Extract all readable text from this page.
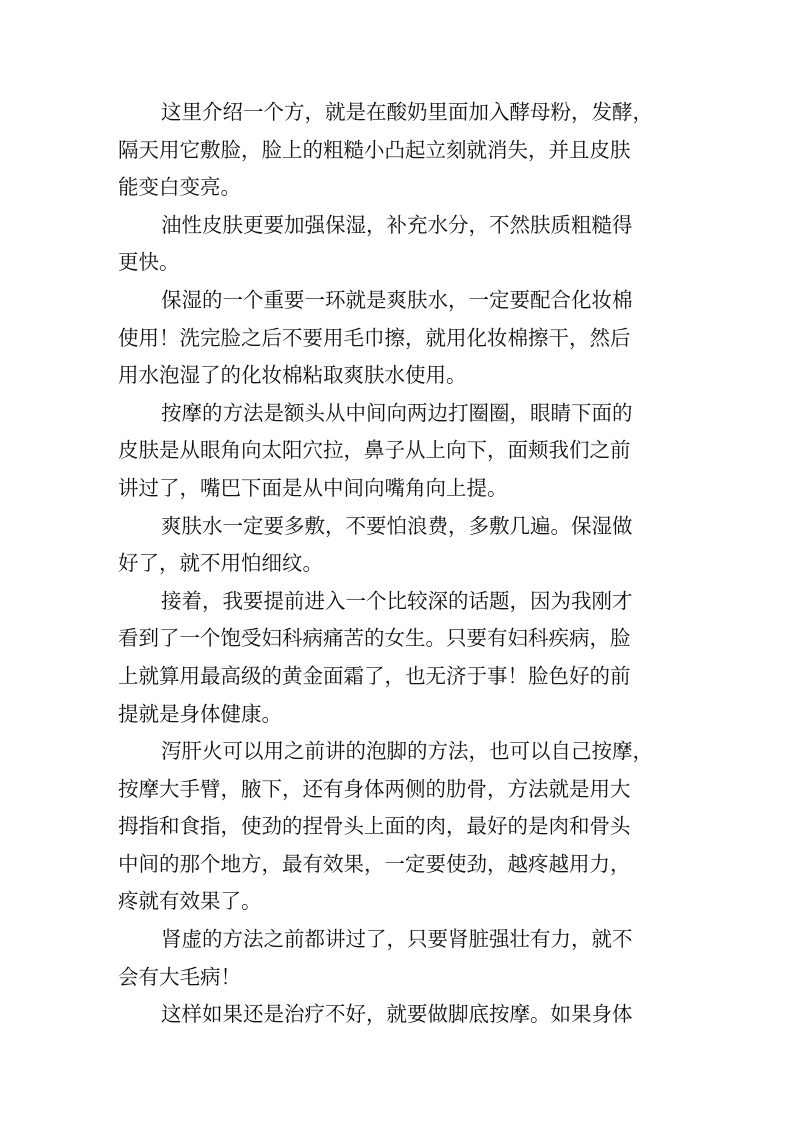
这里介绍一个方，就是在酸奶里面加入酵母粉，发酵，
隔天用它敷脸，脸上的粗糙小凸起立刻就消失，并且皮肤
能变白变亮。
油性皮肤更要加强保湿，补充水分，不然肤质粗糙得
更快。
保湿的一个重要一环就是爽肤水，一定要配合化妆棉
使用！洗完脸之后不要用毛巾擦，就用化妆棉擦干，然后
用水泡湿了的化妆棉粘取爽肤水使用。
按摩的方法是额头从中间向两边打圈圈，眼睛下面的
皮肤是从眼角向太阳穴拉，鼻子从上向下，面颊我们之前
讲过了，嘴巴下面是从中间向嘴角向上提。
爽肤水一定要多敷，不要怕浪费，多敷几遍。保湿做
好了，就不用怕细纹。
接着，我要提前进入一个比较深的话题，因为我刚才
看到了一个饱受妇科病痛苦的女生。只要有妇科疾病，脸
上就算用最高级的黄金面霜了，也无济于事！脸色好的前
提就是身体健康。
泻肝火可以用之前讲的泡脚的方法，也可以自己按摩，
按摩大手臂，腋下，还有身体两侧的肋骨，方法就是用大
拇指和食指，使劲的捏骨头上面的肉，最好的是肉和骨头
中间的那个地方，最有效果，一定要使劲，越疼越用力，
疼就有效果了。
肾虚的方法之前都讲过了，只要肾脏强壮有力，就不
会有大毛病！
这样如果还是治疗不好，就要做脚底按摩。如果身体
